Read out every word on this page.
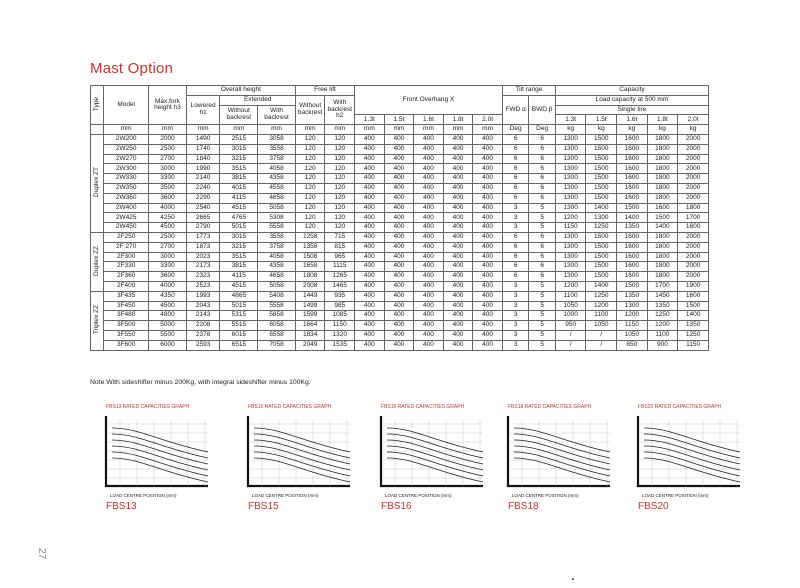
Mast Option
Type	Model	Max.fork height h3	Overall height			Free lift		Front Overhang X					Tilt range		Capacity				
			Lowered h1	Extended		Without backrest	With backrest h2						FWD α	BWD β	Load capacity at 500 mm				
				Without backrest	With backrest										Single tire				
								1.3t	1.5t	1.6t	1.8t	2.0t			1.3t	1.5t	1.6t	1.8t	2.0t
	mm	mm	mm	mm	mm	mm	mm	mm	mm	mm	mm	mm	Deg	Deg	kg	kg	kg	kg	kg
Duplex ZT	2W200	2000	1490	2515	3058	120	120	400	400	400	400	400	6	6	1300	1500	1600	1800	2000
	2W250	2500	1740	3015	3558	120	120	400	400	400	400	400	6	6	1300	1500	1600	1800	2000
	2W270	2700	1840	3215	3758	120	120	400	400	400	400	400	6	6	1300	1500	1600	1800	2000
	2W300	3000	1990	3515	4058	120	120	400	400	400	400	400	6	6	1300	1500	1600	1800	2000
	2W330	3300	2140	3815	4358	120	120	400	400	400	400	400	6	6	1300	1500	1600	1800	2000
	2W350	3500	2240	4015	4558	120	120	400	400	400	400	400	6	6	1300	1500	1600	1800	2000
	2W360	3600	2290	4115	4658	120	120	400	400	400	400	400	6	6	1300	1500	1600	1800	2000
	2W400	4000	2540	4515	5058	120	120	400	400	400	400	400	3	5	1300	1400	1500	1600	1800
	2W425	4250	2665	4765	5308	120	120	400	400	400	400	400	3	5	1200	1300	1400	1500	1700
	2W450	4500	2790	5015	5558	120	120	400	400	400	400	400	3	5	1150	1250	1350	1400	1600
Duplex ZZ	2F250	2500	1773	3015	3558	1258	715	400	400	400	400	400	6	6	1300	1500	1600	1800	2000
	2F 270	2700	1873	3215	3758	1358	815	400	400	400	400	400	6	6	1300	1500	1600	1800	2000
	2F300	3000	2023	3515	4058	1508	965	400	400	400	400	400	6	6	1300	1500	1600	1800	2000
	2F330	3300	2173	3815	4358	1658	1115	400	400	400	400	400	6	6	1300	1500	1600	1800	2000
	2F360	3600	2323	4115	4658	1808	1265	400	400	400	400	400	6	6	1300	1500	1600	1800	2000
	2F400	4000	2523	4515	5058	2008	1465	400	400	400	400	400	3	5	1200	1400	1500	1700	1900
Triplex ZZ	3F435	4350	1993	4865	5408	1449	935	400	400	400	400	400	3	5	1100	1250	1350	1450	1600
	3F450	4500	2043	5015	5558	1499	985	400	400	400	400	400	3	5	1050	1200	1300	1350	1500
	3F480	4800	2143	5315	5858	1599	1085	400	400	400	400	400	3	5	1000	1100	1200	1250	1400
	3F500	5000	2208	5515	6058	1664	1150	400	400	400	400	400	3	5	950	1050	1150	1200	1350
	3F550	5500	2378	6015	6558	1834	1320	400	400	400	400	400	3	5	/	/	1050	1100	1250
	3F600	6000	2593	6515	7058	2049	1535	400	400	400	400	400	3	5	/	/	850	900	1150

Note:With sideshifter minus 200Kg, with integral sideshifter minus 100Kg.

FBS13 RATED CAPACITIES GRAPH
LOAD CENTRE POSITION (mm)
FBS13
FBS15 RATED CAPACITIES GRAPH
LOAD CENTRE POSITION (mm)
FBS15
FBS16 RATED CAPACITIES GRAPH
LOAD CENTRE POSITION (mm)
FBS16
FBS18 RATED CAPACITIES GRAPH
LOAD CENTRE POSITION (mm)
FBS18
FBS20 RATED CAPACITIES GRAPH
LOAD CENTRE POSITION (mm)
FBS20
27
